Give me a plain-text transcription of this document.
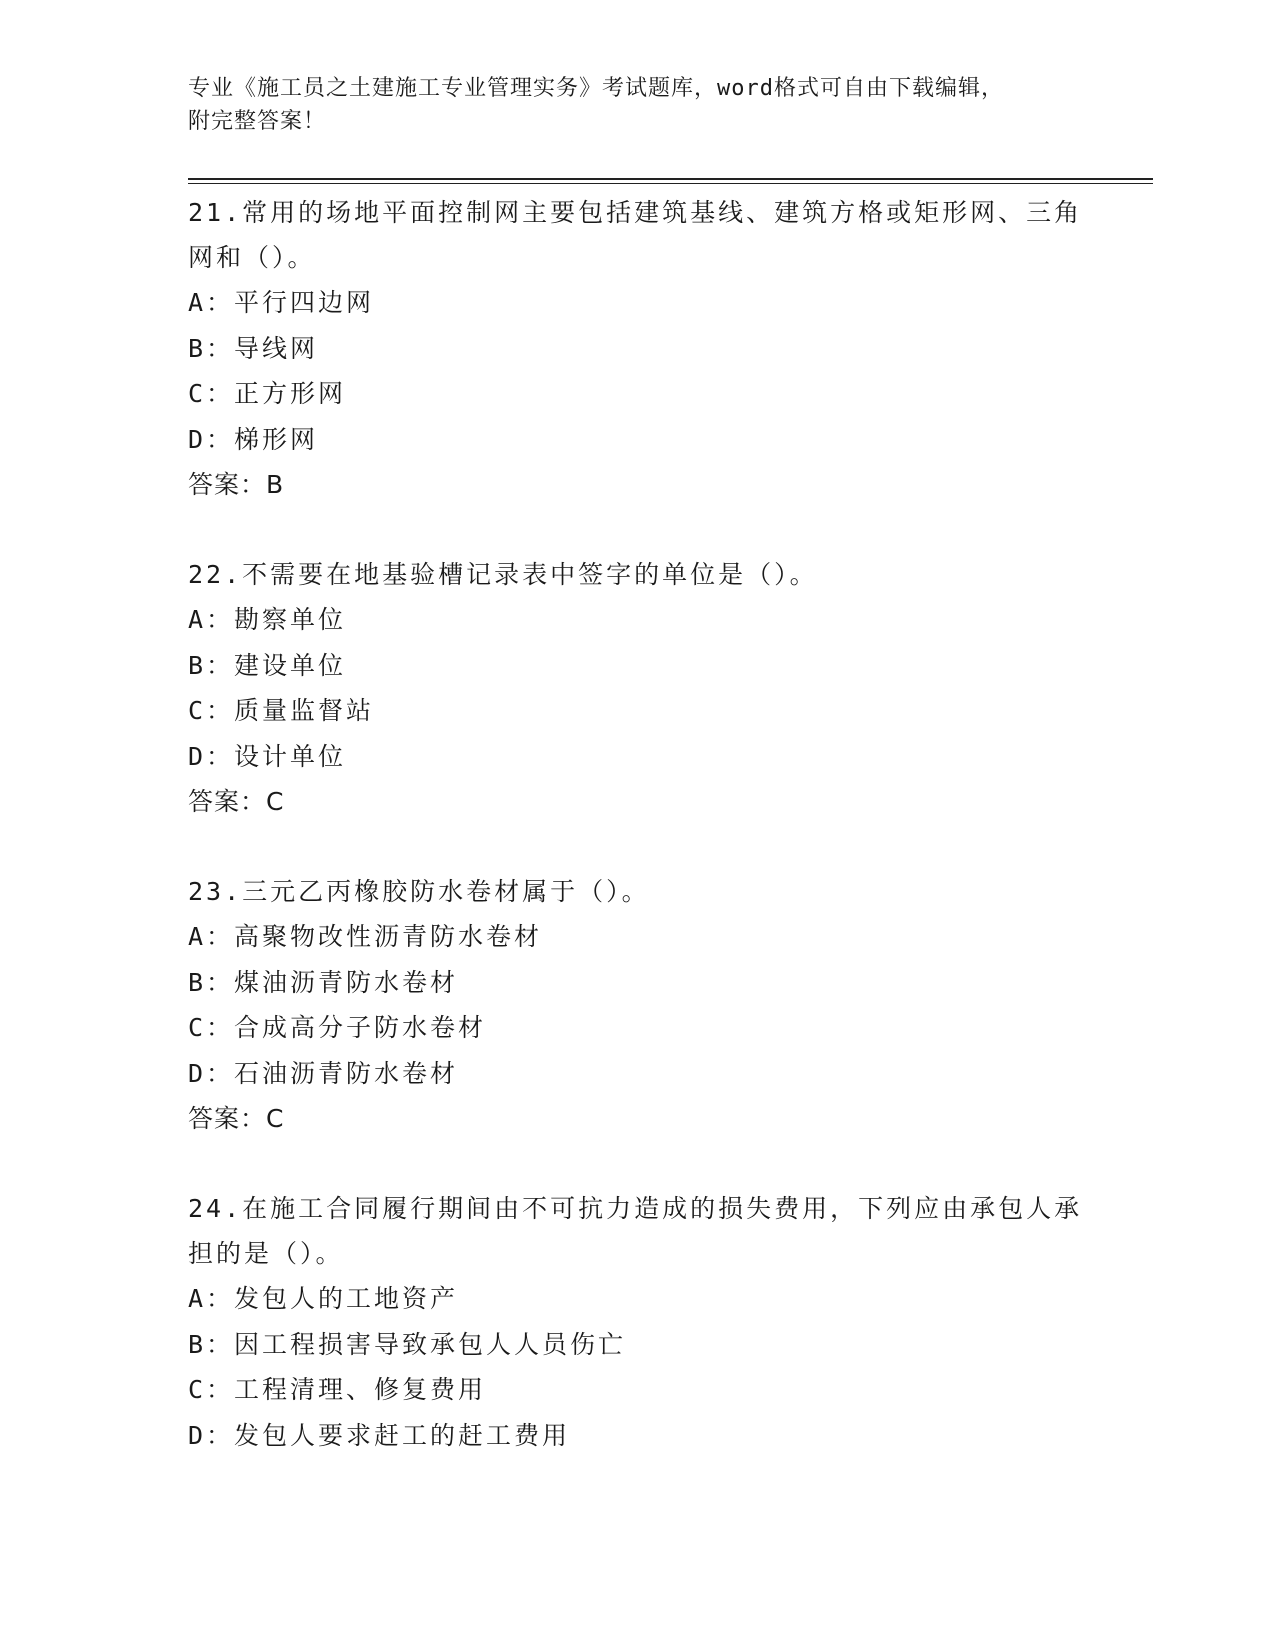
专业《施工员之土建施工专业管理实务》考试题库，word格式可自由下载编辑，
附完整答案！

21.常用的场地平面控制网主要包括建筑基线、建筑方格或矩形网、三角网和（）。

A：平行四边网

B：导线网

C：正方形网

D：梯形网

答案：B

22.不需要在地基验槽记录表中签字的单位是（）。

A：勘察单位

B：建设单位

C：质量监督站

D：设计单位

答案：C

23.三元乙丙橡胶防水卷材属于（）。

A：高聚物改性沥青防水卷材

B：煤油沥青防水卷材

C：合成高分子防水卷材

D：石油沥青防水卷材

答案：C

24.在施工合同履行期间由不可抗力造成的损失费用，下列应由承包人承担的是（）。

A：发包人的工地资产

B：因工程损害导致承包人人员伤亡

C：工程清理、修复费用

D：发包人要求赶工的赶工费用
